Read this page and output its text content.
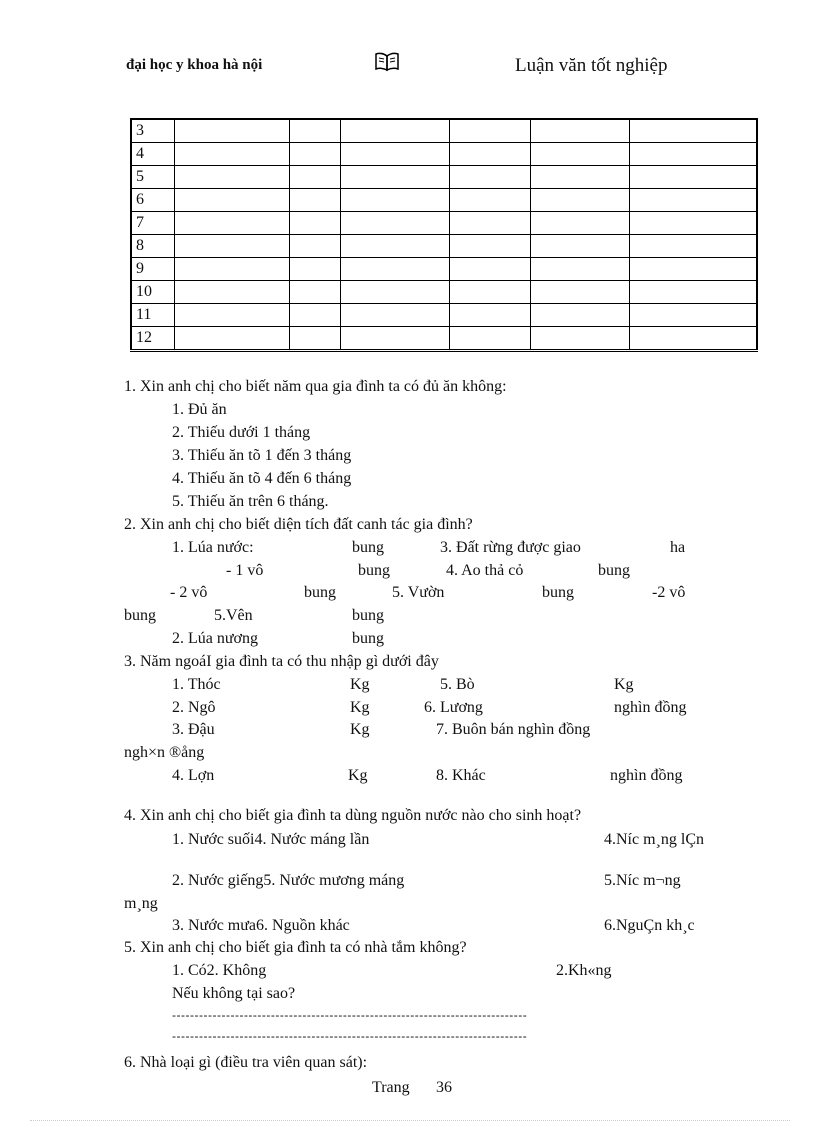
đại học y khoa hà nội	Luận văn tốt nghiệp
3						
4						
5						
6						
7						
8						
9						
10						
11						
12						
1. Xin anh chị cho biết năm qua gia đình ta có đủ ăn không:
1. Đủ ăn
2. Thiếu dưới 1 tháng
3. Thiếu ăn tõ 1 đến 3 tháng
4. Thiếu ăn tõ 4 đến 6 tháng
5. Thiếu ăn trên 6 tháng.
2. Xin anh chị cho biết diện tích đất canh tác gia đình?
1. Lúa nước:	bung	3. Đất rừng được giao	ha
- 1 vô	bung	4. Ao thả cỏ	bung
- 2 vô	bung	5. Vườn	bung	-2 vô
bung	5.Vên	bung
2. Lúa nương	bung
3. Năm ngoáI gia đình ta có thu nhập gì dưới đây
1. Thóc	Kg	5. Bò	Kg
2. Ngô	Kg	6. Lương	nghìn đồng
3. Đậu	Kg	7. Buôn bán nghìn đồng
ngh×n ®ång
4. Lợn	Kg	8. Khác	nghìn đồng
4. Xin anh chị cho biết gia đình ta dùng nguồn nước nào cho sinh hoạt?
1. Nước suối4. Nước máng lần	4.Níc m¸ng lÇn
2. Nước giếng5. Nước mương máng	5.Níc m¬ng
m¸ng
3. Nước mưa6. Nguồn khác	6.NguÇn kh¸c
5. Xin anh chị cho biết gia đình ta có nhà tắm không?
1. Có2. Không	2.Kh«ng
Nếu không tại sao?
-------------------------------------------------------------------------------
-------------------------------------------------------------------------------
6. Nhà loại gì (điều tra viên quan sát):
Trang 36
